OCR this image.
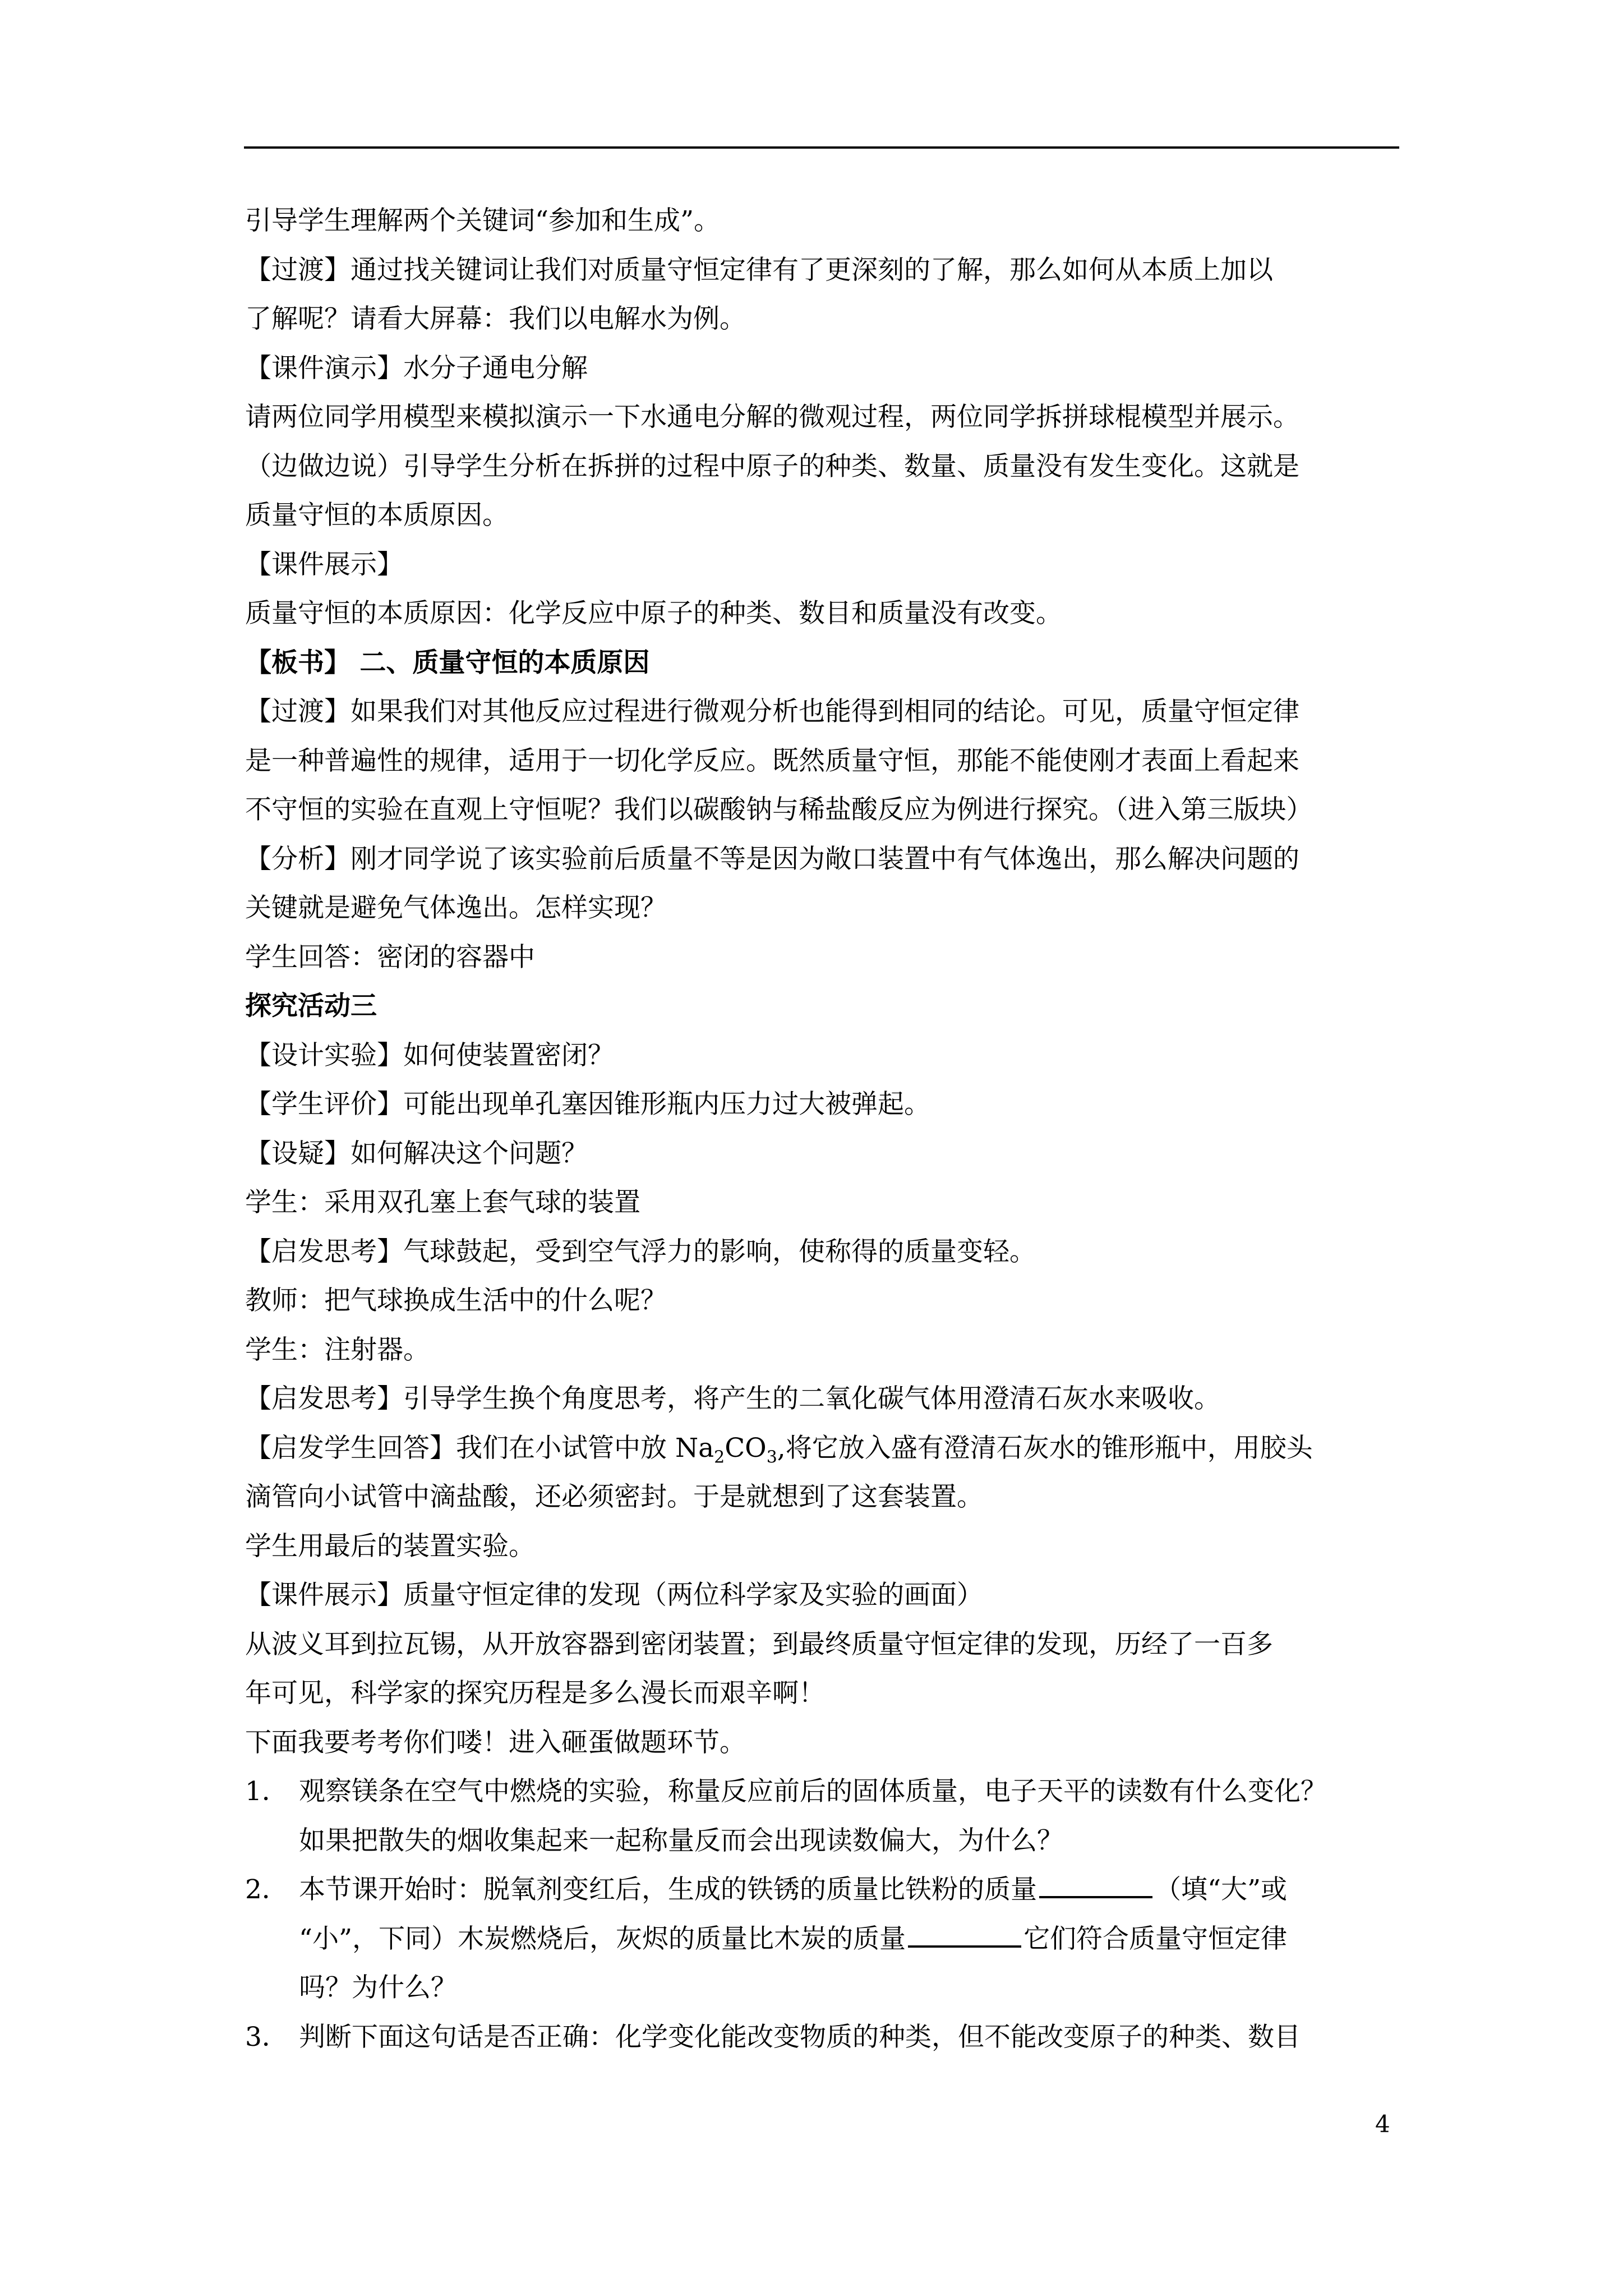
引导学生理解两个关键词“参加和生成”。
【过渡】通过找关键词让我们对质量守恒定律有了更深刻的了解，那么如何从本质上加以
了解呢？请看大屏幕：我们以电解水为例。
【课件演示】水分子通电分解
请两位同学用模型来模拟演示一下水通电分解的微观过程，两位同学拆拼球棍模型并展示。
（边做边说）引导学生分析在拆拼的过程中原子的种类、数量、质量没有发生变化。这就是
质量守恒的本质原因。
【课件展示】
质量守恒的本质原因：化学反应中原子的种类、数目和质量没有改变。
【板书】 二、质量守恒的本质原因
【过渡】如果我们对其他反应过程进行微观分析也能得到相同的结论。可见，质量守恒定律
是一种普遍性的规律，适用于一切化学反应。既然质量守恒，那能不能使刚才表面上看起来
不守恒的实验在直观上守恒呢？我们以碳酸钠与稀盐酸反应为例进行探究。（进入第三版块）
【分析】刚才同学说了该实验前后质量不等是因为敞口装置中有气体逸出，那么解决问题的
关键就是避免气体逸出。怎样实现？
学生回答：密闭的容器中
探究活动三
【设计实验】如何使装置密闭？
【学生评价】可能出现单孔塞因锥形瓶内压力过大被弹起。
【设疑】如何解决这个问题？
学生：采用双孔塞上套气球的装置
【启发思考】气球鼓起，受到空气浮力的影响，使称得的质量变轻。
教师：把气球换成生活中的什么呢？
学生：注射器。
【启发思考】引导学生换个角度思考，将产生的二氧化碳气体用澄清石灰水来吸收。
【启发学生回答】我们在小试管中放 $Na_2CO_3$,将它放入盛有澄清石灰水的锥形瓶中，用胶头
滴管向小试管中滴盐酸，还必须密封。于是就想到了这套装置。
学生用最后的装置实验。
【课件展示】质量守恒定律的发现（两位科学家及实验的画面）
从波义耳到拉瓦锡，从开放容器到密闭装置；到最终质量守恒定律的发现，历经了一百多
年可见，科学家的探究历程是多么漫长而艰辛啊！
下面我要考考你们喽！进入砸蛋做题环节。
1． 观察镁条在空气中燃烧的实验，称量反应前后的固体质量，电子天平的读数有什么变化？
如果把散失的烟收集起来一起称量反而会出现读数偏大，为什么？
2． 本节课开始时：脱氧剂变红后，生成的铁锈的质量比铁粉的质量	（填“大”或
“小”，下同）木炭燃烧后，灰烬的质量比木炭的质量	它们符合质量守恒定律
吗？为什么？
3． 判断下面这句话是否正确：化学变化能改变物质的种类，但不能改变原子的种类、数目
4
